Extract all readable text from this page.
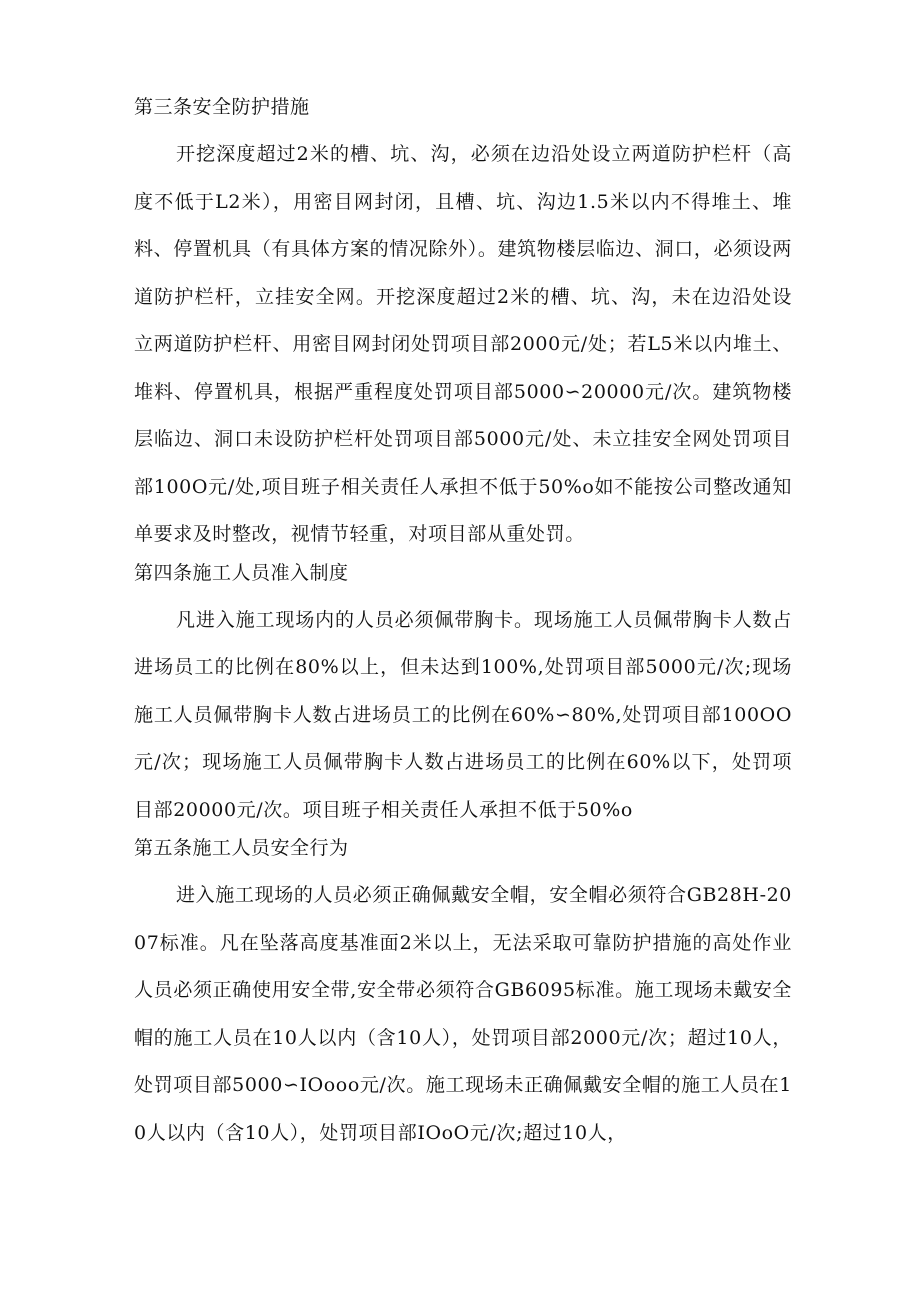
第三条安全防护措施

开挖深度超过2米的槽、坑、沟，必须在边沿处设立两道防护栏杆（高度不低于L2米），用密目网封闭，且槽、坑、沟边1.5米以内不得堆土、堆料、停置机具（有具体方案的情况除外）。建筑物楼层临边、洞口，必须设两道防护栏杆，立挂安全网。开挖深度超过2米的槽、坑、沟，未在边沿处设立两道防护栏杆、用密目网封闭处罚项目部2000元/处；若L5米以内堆土、堆料、停置机具，根据严重程度处罚项目部5000∽20000元/次。建筑物楼层临边、洞口未设防护栏杆处罚项目部5000元/处、未立挂安全网处罚项目部100O元/处,项目班子相关责任人承担不低于50%o如不能按公司整改通知单要求及时整改，视情节轻重，对项目部从重处罚。

第四条施工人员准入制度

凡进入施工现场内的人员必须佩带胸卡。现场施工人员佩带胸卡人数占进场员工的比例在80%以上，但未达到100%,处罚项目部5000元/次;现场施工人员佩带胸卡人数占进场员工的比例在60%∽80%,处罚项目部100OO元/次；现场施工人员佩带胸卡人数占进场员工的比例在60%以下，处罚项目部20000元/次。项目班子相关责任人承担不低于50%o

第五条施工人员安全行为

进入施工现场的人员必须正确佩戴安全帽，安全帽必须符合GB28H-2007标准。凡在坠落高度基准面2米以上，无法采取可靠防护措施的高处作业人员必须正确使用安全带,安全带必须符合GB6095标准。施工现场未戴安全帽的施工人员在10人以内（含10人），处罚项目部2000元/次；超过10人，处罚项目部5000∽IOooo元/次。施工现场未正确佩戴安全帽的施工人员在10人以内（含10人），处罚项目部IOoO元/次;超过10人，
